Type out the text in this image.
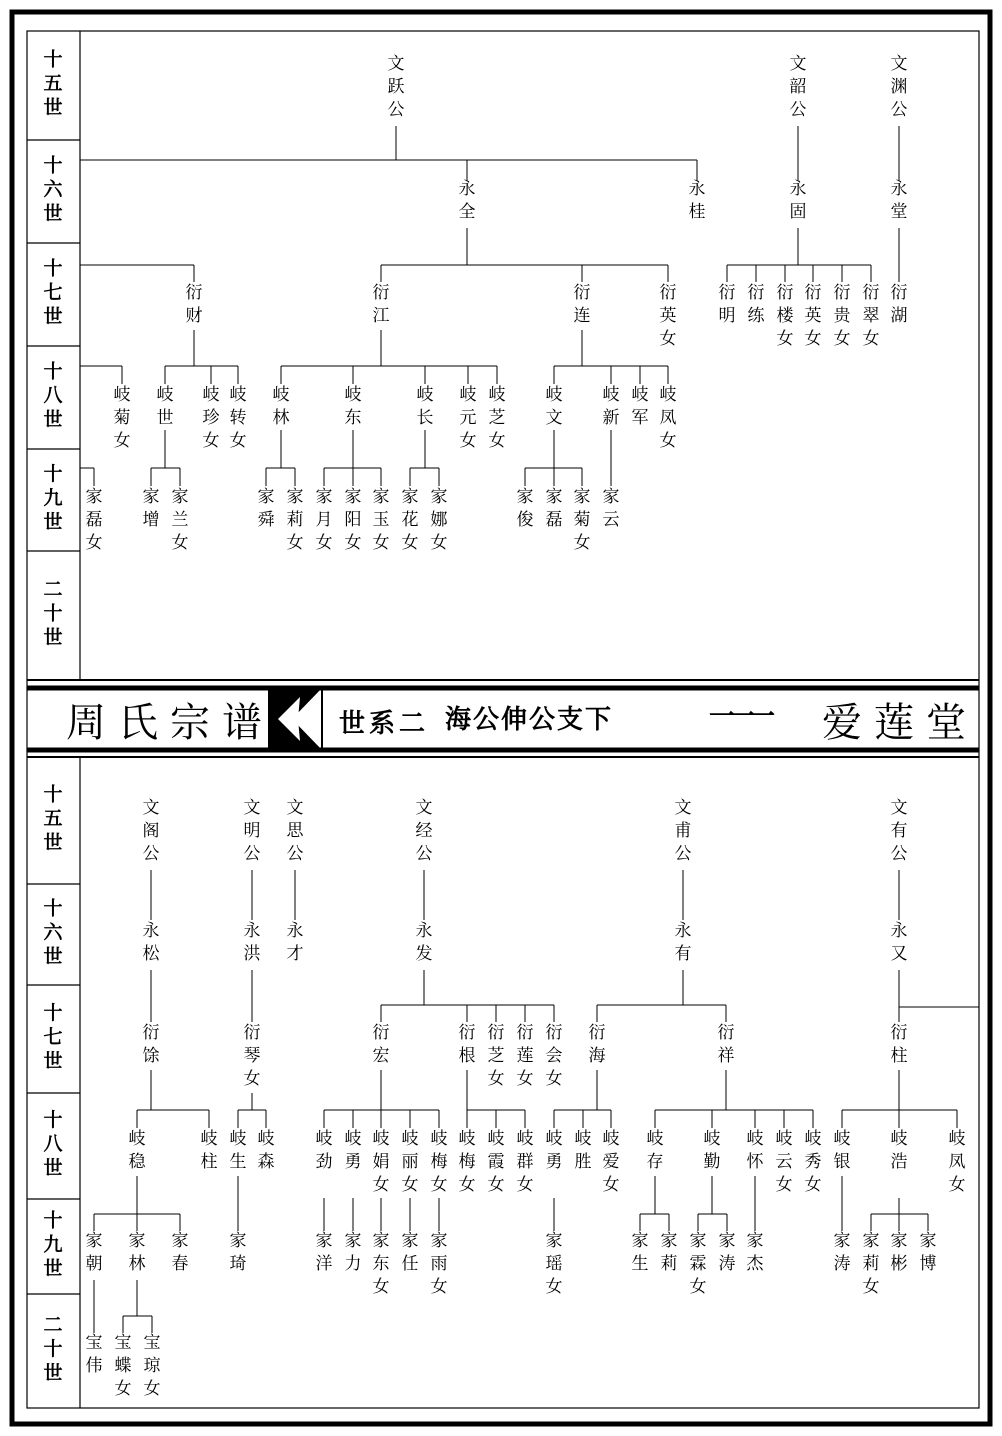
周 氏 宗 谱	世 系 二 海 公 伸 公 支 下	一
一
一 爱 莲 堂
十
五
世
十
六
世
十
七
世
十
八
世
十
九
世
二
十
世
十
五
世
十
六
世
十
七
世
十
八
世
十
九
世
二
十
世
文
跃
公
文
韶
公
文
渊
公
永
全
永
桂
永
固
永
堂
衍
财
衍
江
衍
连
衍
英
女
衍
明
衍
练
衍
楼
女
衍
英
女
衍
贵
女
衍
翠
女
衍
湖
岐
菊
女
岐
世
岐
珍
女
岐
转
女
岐
林
岐
东
岐
长
岐
元
女
岐
芝
女
岐
文
岐
新
岐
军
岐
凤
女
家
磊
女
家
增
家
兰
女
家
舜
家
莉
女
家
月
女
家
阳
女
家
玉
女
家
花
女
家
娜
女
家
俊
家
磊
家
菊
女
家
云
文
阁
公
文
明
公
文
思
公
文
经
公
文
甫
公
文
有
公
永
松
永
洪
永
才
永
发
永
有
永
又
衍
馀
衍
琴
女
衍
宏
衍
根
衍
芝
女
衍
莲
女
衍
会
女
衍
海
衍
祥
衍
柱
岐
稳
岐
柱
岐
生
岐
森
岐
劲
岐
勇
岐
娟
女
岐
丽
女
岐
梅
女
岐
梅
女
岐
霞
女
岐
群
女
岐
勇
岐
胜
岐
爱
女
岐
存
岐
勤
岐
怀
岐
云
女
岐
秀
女
岐
银
岐
浩
岐
凤
女
家
朝
家
林
家
春
家
琦
家
洋
家
力
家
东
女
家
任
家
雨
女
家
瑶
女
家
生
家
莉
家
霖
女
家
涛
家
杰
家
涛
家
莉
女
家
彬
家
博
宝
伟
宝
蝶
女
宝
琼
女
